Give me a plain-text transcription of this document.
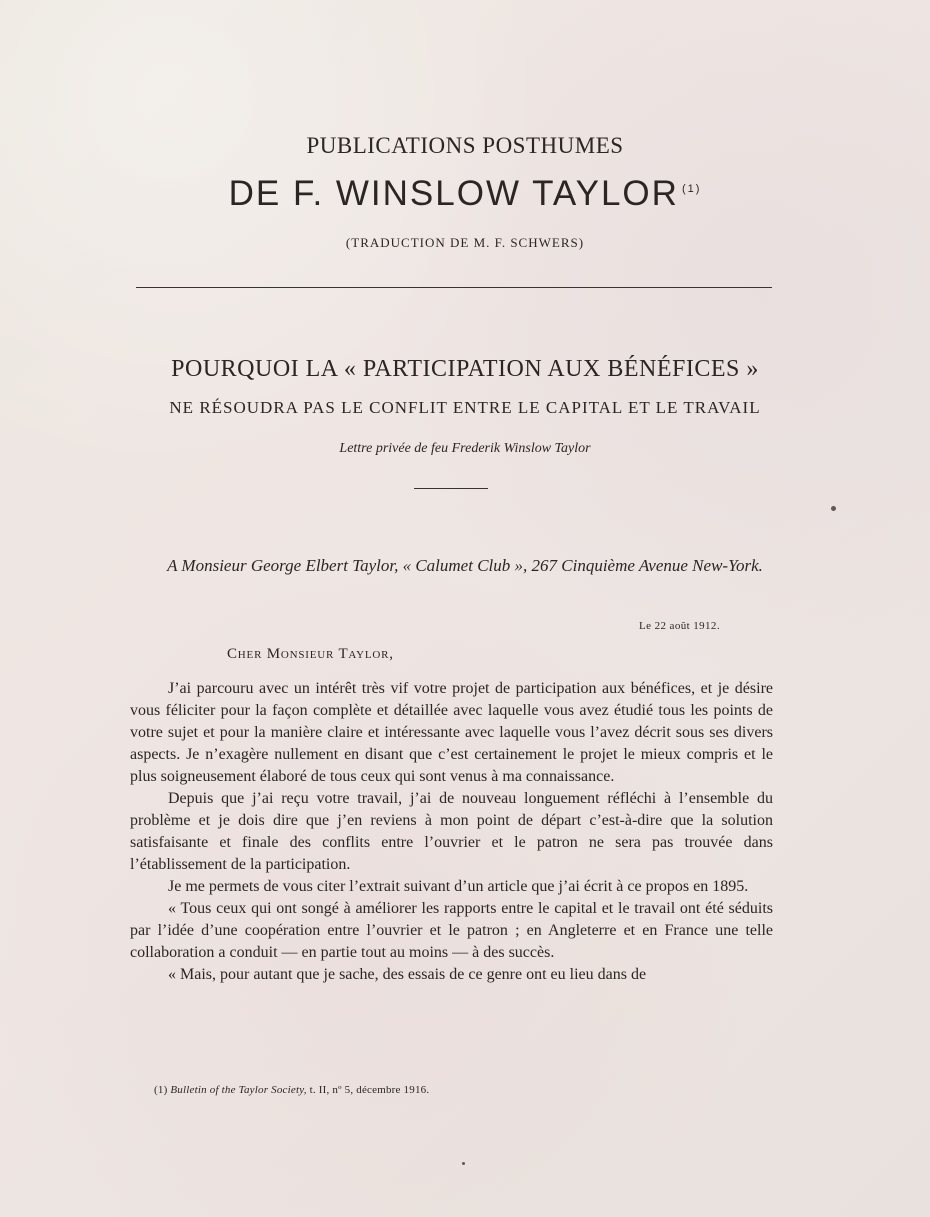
PUBLICATIONS POSTHUMES
DE F. WINSLOW TAYLOR $^{(1)}$
(TRADUCTION DE M. F. SCHWERS)
POURQUOI LA « PARTICIPATION AUX BÉNÉFICES »
NE RÉSOUDRA PAS LE CONFLIT ENTRE LE CAPITAL ET LE TRAVAIL
Lettre privée de feu Frederik Winslow Taylor
A Monsieur George Elbert Taylor, « Calumet Club », 267 Cinquième Avenue New-York.
Le 22 août 1912.
Cher Monsieur Taylor,

J’ai parcouru avec un intérêt très vif votre projet de participation aux bénéfices, et je désire vous féliciter pour la façon complète et détaillée avec laquelle vous avez étudié tous les points de votre sujet et pour la manière claire et intéressante avec laquelle vous l’avez décrit sous ses divers aspects. Je n’exagère nullement en disant que c’est certainement le projet le mieux compris et le plus soigneusement élaboré de tous ceux qui sont venus à ma connaissance.

Depuis que j’ai reçu votre travail, j’ai de nouveau longuement réfléchi à l’ensemble du problème et je dois dire que j’en reviens à mon point de départ c’est-à-dire que la solution satisfaisante et finale des conflits entre l’ouvrier et le patron ne sera pas trouvée dans l’établissement de la participation.

Je me permets de vous citer l’extrait suivant d’un article que j’ai écrit à ce propos en 1895.

« Tous ceux qui ont songé à améliorer les rapports entre le capital et le travail ont été séduits par l’idée d’une coopération entre l’ouvrier et le patron ; en Angleterre et en France une telle collaboration a conduit — en partie tout au moins — à des succès.

« Mais, pour autant que je sache, des essais de ce genre ont eu lieu dans de

(1) Bulletin of the Taylor Society, t. II, nº 5, décembre 1916.
